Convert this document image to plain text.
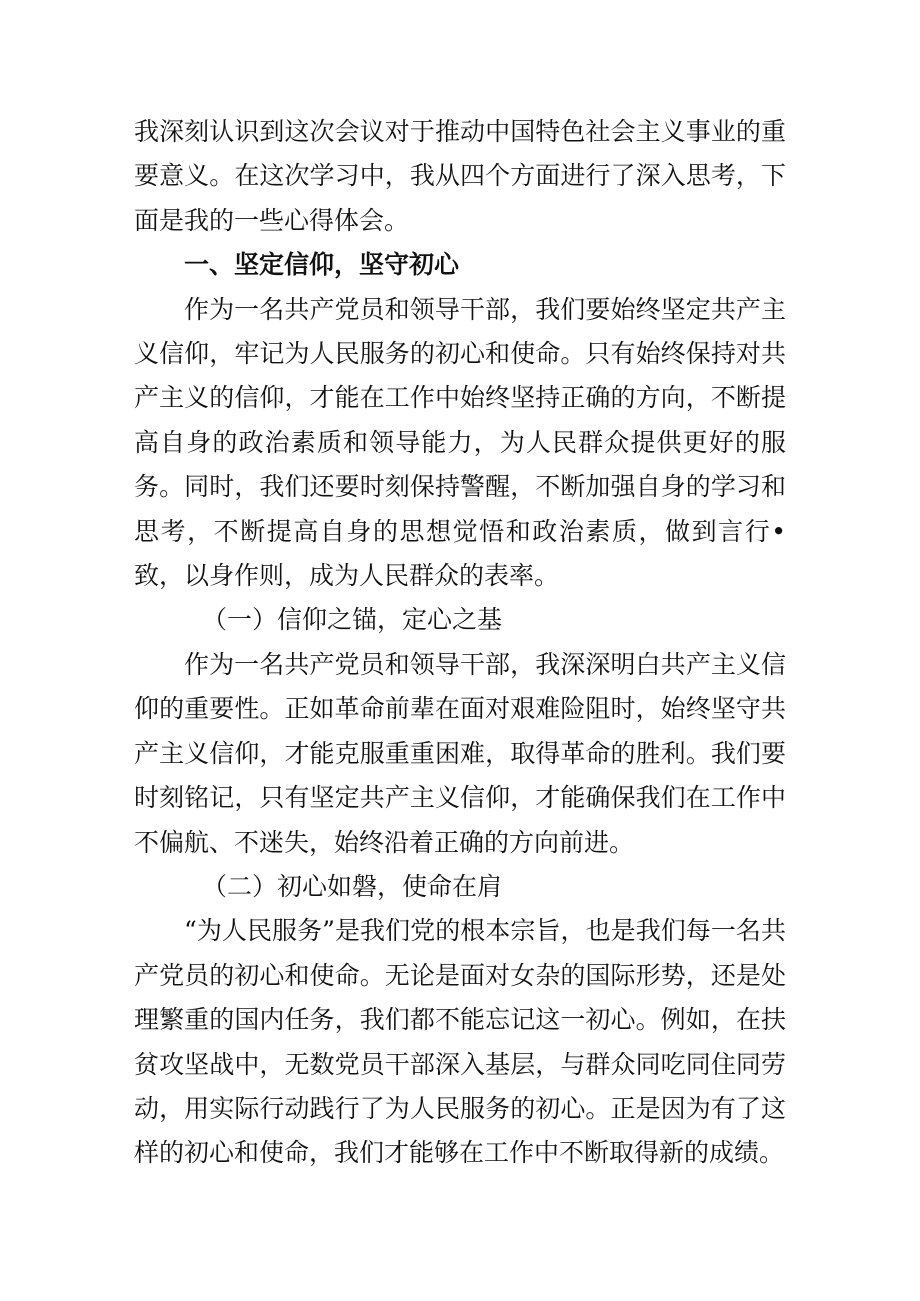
我深刻认识到这次会议对于推动中国特色社会主义事业的重要意义。在这次学习中，我从四个方面进行了深入思考，下面是我的一些心得体会。

一、坚定信仰，坚守初心

作为一名共产党员和领导干部，我们要始终坚定共产主义信仰，牢记为人民服务的初心和使命。只有始终保持对共产主义的信仰，才能在工作中始终坚持正确的方向，不断提高自身的政治素质和领导能力，为人民群众提供更好的服务。同时，我们还要时刻保持警醒，不断加强自身的学习和思考，不断提高自身的思想觉悟和政治素质，做到言行•致，以身作则，成为人民群众的表率。

（一）信仰之锚，定心之基

作为一名共产党员和领导干部，我深深明白共产主义信仰的重要性。正如革命前辈在面对艰难险阻时，始终坚守共产主义信仰，才能克服重重困难，取得革命的胜利。我们要时刻铭记，只有坚定共产主义信仰，才能确保我们在工作中不偏航、不迷失，始终沿着正确的方向前进。

（二）初心如磐，使命在肩

“为人民服务”是我们党的根本宗旨，也是我们每一名共产党员的初心和使命。无论是面对女杂的国际形势，还是处理繁重的国内任务，我们都不能忘记这一初心。例如，在扶贫攻坚战中，无数党员干部深入基层，与群众同吃同住同劳动，用实际行动践行了为人民服务的初心。正是因为有了这样的初心和使命，我们才能够在工作中不断取得新的成绩。
